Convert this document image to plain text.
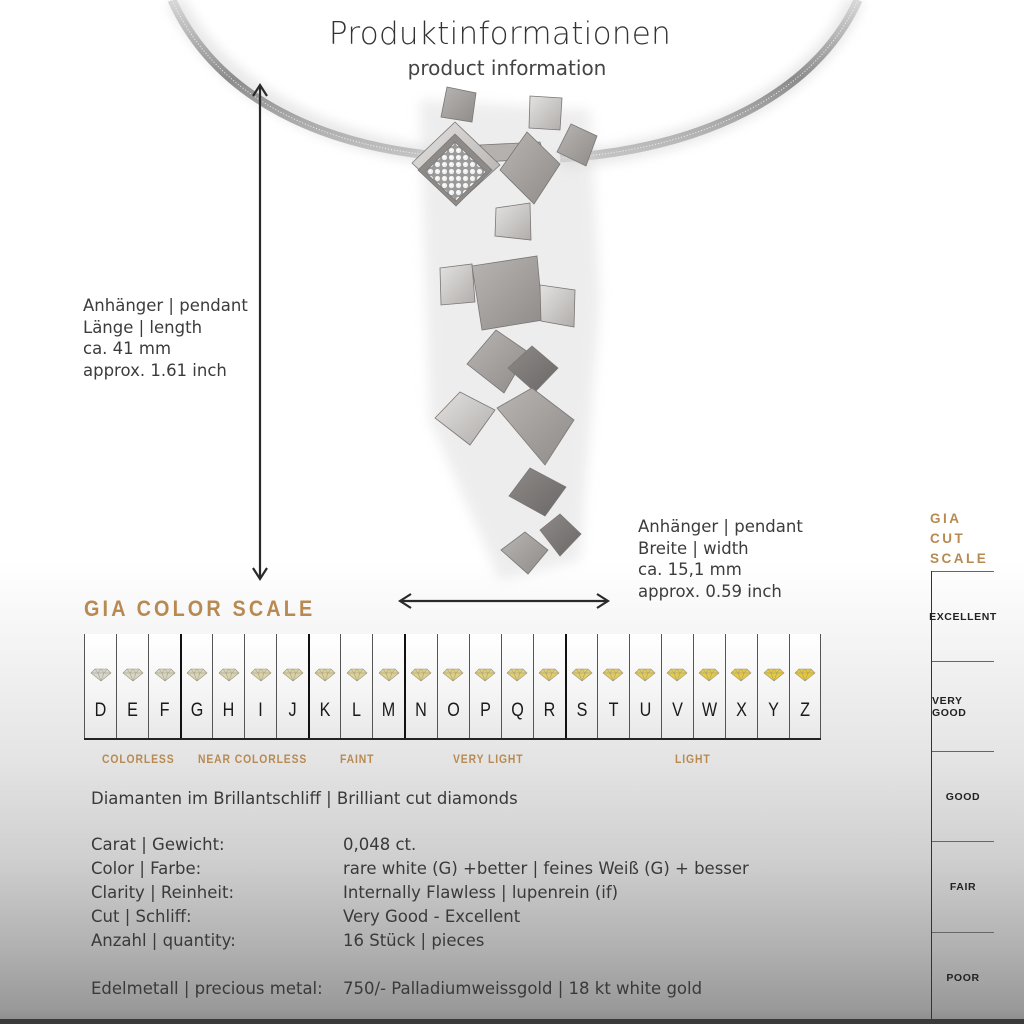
Produktinformationen
product information
Anhänger | pendant
Länge | length
ca. 41 mm
approx. 1.61 inch
Anhänger | pendant
Breite | width
ca. 15,1 mm
approx. 0.59 inch
GIA COLOR SCALE
D	E	F	G	H	I	J	K	L	M	N	O	P	Q	R	S	T	U	V	W	X	Y	Z
COLORLESS NEAR COLORLESS	FAINT	VERY LIGHT	LIGHT
GIA
CUT
SCALE
EXCELLENT
VERY GOOD
GOOD
FAIR
POOR
Diamanten im Brillantschliff | Brilliant cut diamonds
Carat | Gewicht:	0,048 ct.
Color | Farbe:	rare white (G) +better | feines Weiß (G) + besser
Clarity | Reinheit:	Internally Flawless | lupenrein (if)
Cut | Schliff:	Very Good - Excellent
Anzahl | quantity:	16 Stück | pieces
Edelmetall | precious metal: 750/- Palladiumweissgold | 18 kt white gold
